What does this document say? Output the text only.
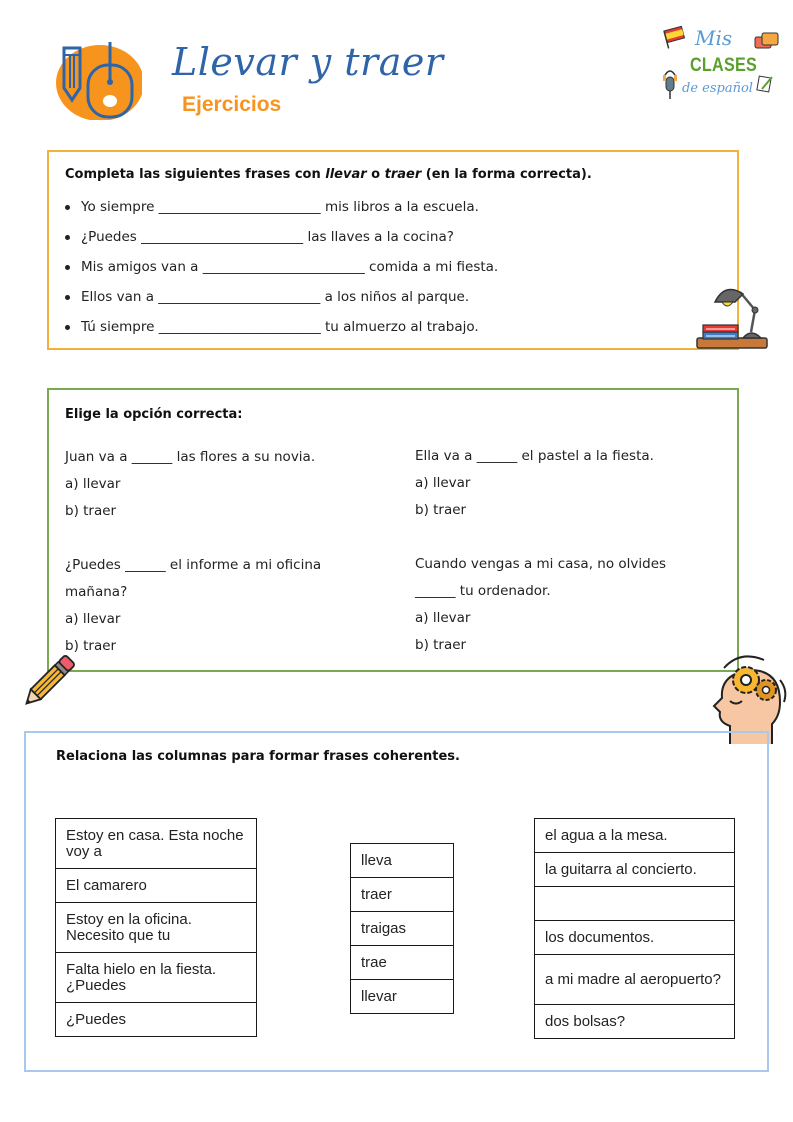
Llevar y traer
Ejercicios
Mis
CLASES
de español
Completa las siguientes frases con llevar o traer (en la forma correcta).
Yo siempre
________________________
mis libros a la escuela.
¿Puedes
________________________
las llaves a la cocina?
Mis amigos van a
________________________
comida a mi fiesta.
Ellos van a
________________________
a los niños al parque.
Tú siempre
________________________
tu almuerzo al trabajo.
Elige la opción correcta:
Juan va a ______ las flores a su novia.
a) llevar
b) traer
Ella va a ______ el pastel a la fiesta.
a) llevar
b) traer
¿Puedes ______ el informe a mi oficina
mañana?
a) llevar
b) traer
Cuando vengas a mi casa, no olvides
______ tu ordenador.
a) llevar
b) traer
Relaciona las columnas para formar frases coherentes.
Estoy en casa. Esta noche voy a
El camarero
Estoy en la oficina. Necesito que tu
Falta hielo en la fiesta. ¿Puedes
¿Puedes
lleva
traer
traigas
trae
llevar
el agua a la mesa.
la guitarra al concierto.
los documentos.
a mi madre al aeropuerto?
dos bolsas?
